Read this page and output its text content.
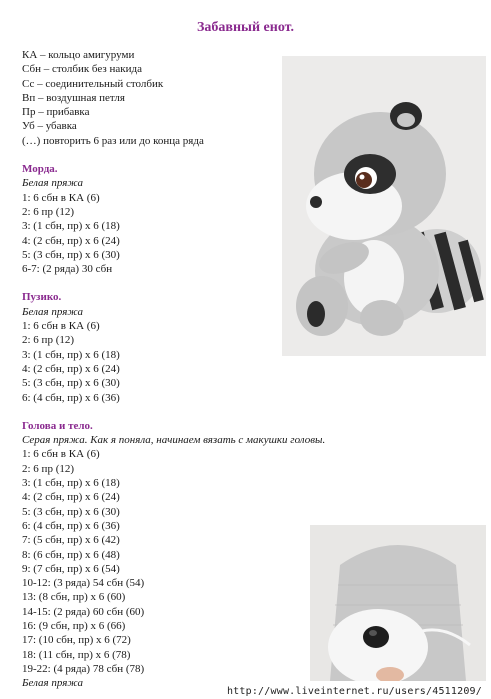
Забавный енот.
КА – кольцо амигуруми
Сбн – столбик без накида
Сс – соединительный столбик
Вп – воздушная петля
Пр – прибавка
Уб – убавка
(…) повторить 6 раз или до конца ряда
Морда.
Белая пряжа
1: 6 сбн в КА (6)
2: 6 пр (12)
3: (1 сбн, пр) х 6 (18)
4: (2 сбн, пр) х 6 (24)
5: (3 сбн, пр) х 6 (30)
6-7: (2 ряда) 30 сбн
Пузико.
Белая пряжа
1: 6 сбн в КА (6)
2: 6 пр (12)
3: (1 сбн, пр) х 6 (18)
4: (2 сбн, пр) х 6 (24)
5: (3 сбн, пр) х 6 (30)
6: (4 сбн, пр) х 6 (36)
Голова и тело.
Серая пряжа. Как я поняла, начинаем вязать с макушки головы.
1: 6 сбн в КА (6)
2: 6 пр (12)
3: (1 сбн, пр) х 6 (18)
4: (2 сбн, пр) х 6 (24)
5: (3 сбн, пр) х 6 (30)
6: (4 сбн, пр) х 6 (36)
7: (5 сбн, пр) х 6 (42)
8: (6 сбн, пр) х 6 (48)
9: (7 сбн, пр) х 6 (54)
10-12: (3 ряда) 54 сбн (54)
13: (8 сбн, пр) х 6 (60)
14-15: (2 ряда) 60 сбн (60)
16: (9 сбн, пр) х 6 (66)
17: (10 сбн, пр) х 6 (72)
18: (11 сбн, пр) х 6 (78)
19-22: (4 ряда) 78 сбн (78)
Белая пряжа
http://www.liveinternet.ru/users/4511209/
